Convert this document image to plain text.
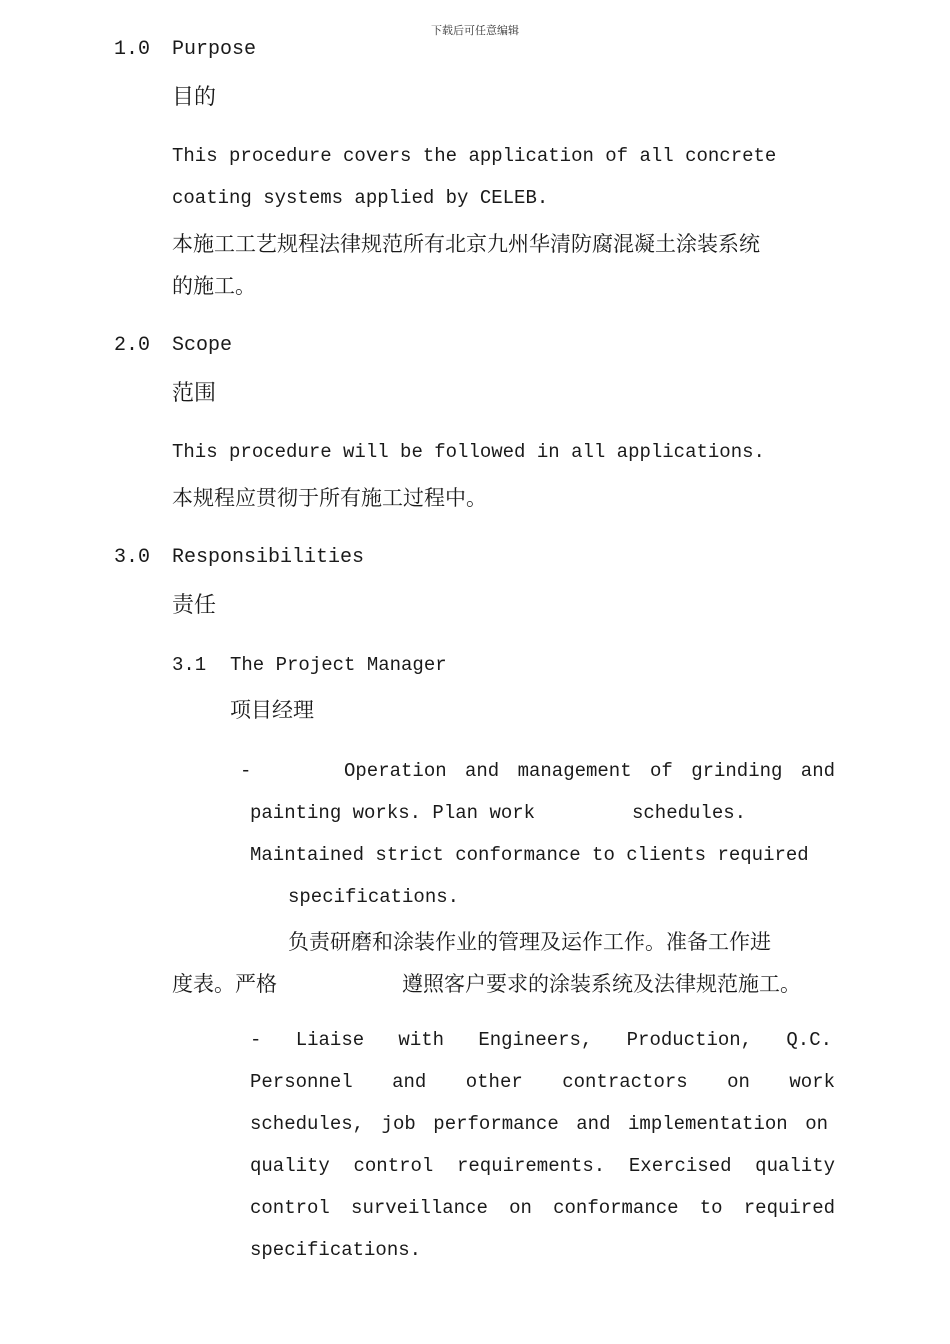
下载后可任意编辑
1.0 Purpose
目的
This procedure covers the application of all concrete
coating systems applied by CELEB.
本施工工艺规程法律规范所有北京九州华清防腐混凝土涂装系统
的施工。
2.0 Scope
范围
This procedure will be followed in all applications.
本规程应贯彻于所有施工过程中。
3.0 Responsibilities
责任
3.1 The Project Manager
项目经理
-	Operation and management of grinding and
painting works. Plan work	schedules.
Maintained strict conformance to clients required
specifications.
负责研磨和涂装作业的管理及运作工作。准备工作进
度表。严格	遵照客户要求的涂装系统及法律规范施工。
- Liaise with Engineers, Production, Q.C.
Personnel and other contractors on work
schedules, job performance and implementation on
quality control requirements. Exercised quality
control surveillance on conformance to required
specifications.
